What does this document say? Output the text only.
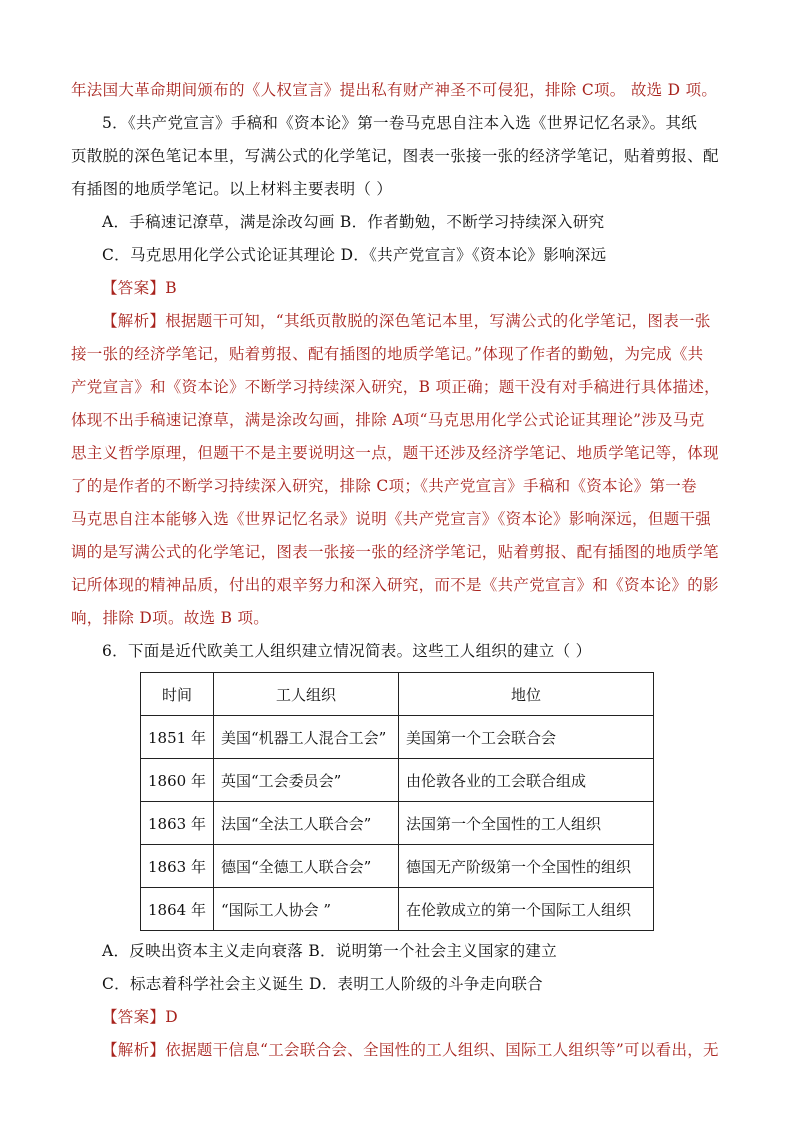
年法国大革命期间颁布的《人权宣言》提出私有财产神圣不可侵犯，排除 C项。 故选 D 项。
5．《共产党宣言》手稿和《资本论》第一卷马克思自注本入选《世界记忆名录》。其纸
页散脱的深色笔记本里，写满公式的化学笔记，图表一张接一张的经济学笔记，贴着剪报、配
有插图的地质学笔记。以上材料主要表明（ ）
A．手稿速记潦草，满是涂改勾画 B．作者勤勉，不断学习持续深入研究
C．马克思用化学公式论证其理论 D．《共产党宣言》《资本论》影响深远
【答案】B
【解析】根据题干可知，“其纸页散脱的深色笔记本里，写满公式的化学笔记，图表一张
接一张的经济学笔记，贴着剪报、配有插图的地质学笔记。”体现了作者的勤勉，为完成《共
产党宣言》和《资本论》不断学习持续深入研究，B 项正确；题干没有对手稿进行具体描述，
体现不出手稿速记潦草，满是涂改勾画，排除 A项“马克思用化学公式论证其理论”涉及马克
思主义哲学原理，但题干不是主要说明这一点，题干还涉及经济学笔记、地质学笔记等，体现
了的是作者的不断学习持续深入研究，排除 C项；《共产党宣言》手稿和《资本论》第一卷
马克思自注本能够入选《世界记忆名录》说明《共产党宣言》《资本论》影响深远，但题干强
调的是写满公式的化学笔记，图表一张接一张的经济学笔记，贴着剪报、配有插图的地质学笔
记所体现的精神品质，付出的艰辛努力和深入研究，而不是《共产党宣言》和《资本论》的影
响，排除 D项。故选 B 项。
6．下面是近代欧美工人组织建立情况简表。这些工人组织的建立（ ）
时间	工人组织	地位
1851 年	美国“机器工人混合工会”	美国第一个工会联合会
1860 年	英国“工会委员会”	由伦敦各业的工会联合组成
1863 年	法国“全法工人联合会”	法国第一个全国性的工人组织
1863 年	德国“全德工人联合会”	德国无产阶级第一个全国性的组织
1864 年	“国际工人协会 ”	在伦敦成立的第一个国际工人组织
A．反映出资本主义走向衰落 B．说明第一个社会主义国家的建立
C．标志着科学社会主义诞生 D．表明工人阶级的斗争走向联合
【答案】D
【解析】依据题干信息“工会联合会、全国性的工人组织、国际工人组织等”可以看出，无
